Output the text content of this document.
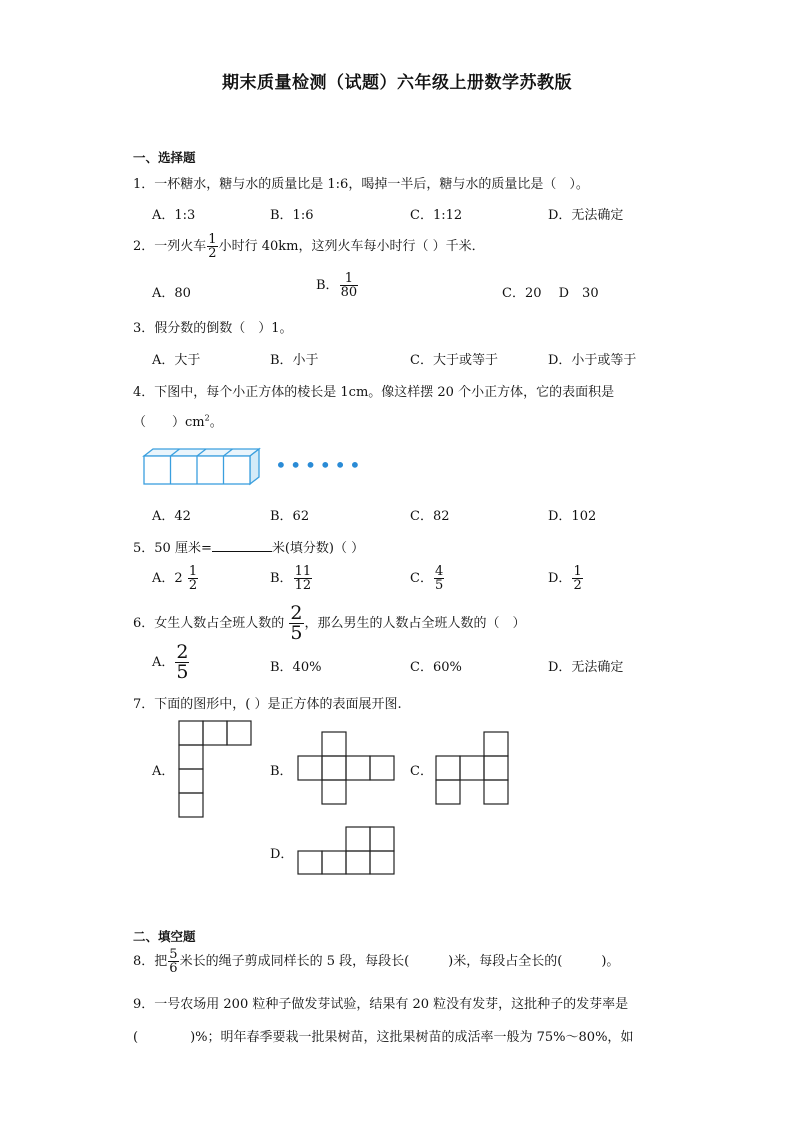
期末质量检测（试题）六年级上册数学苏教版
一、选择题
1．一杯糖水，糖与水的质量比是 1:6，喝掉一半后，糖与水的质量比是（　）。
A．1:3	B．1:6	C．1:12	D．无法确定
2．一列火车 $\frac{1}{2}$ 小时行 40km，这列火车每小时行（ ）千米．
A．80
B． $\frac{1}{80}$	C．20　 D　30
3．假分数的倒数（　）1。
A．大于	B．小于	C．大于或等于	D．小于或等于
4．下图中，每个小正方体的棱长是 1cm。像这样摆 20 个小正方体，它的表面积是
（　　）$cm^2$。
••••••
A．42	B．62	C．82	D．102
5．50 厘米=	米(填分数)（ ）
A．$2 \frac{1}{2}$	B． $\frac{11}{12}$	C． $\frac{4}{5}$	D． $\frac{1}{2}$
6．女生人数占全班人数的 $\frac{2}{5}$ ，那么男生的人数占全班人数的（　）
A． $\frac{2}{5}$	B．40%	C．60%	D．无法确定
7．下面的图形中，( ）是正方体的表面展开图.
A．	B．	C．
D．
二、填空题
8．把 $\frac{5}{6}$ 米长的绳子剪成同样长的 5 段，每段长(　　　)米，每段占全长的(　　　)。
9．一号农场用 200 粒种子做发芽试验，结果有 20 粒没有发芽，这批种子的发芽率是
(　　　　)%；明年春季要栽一批果树苗，这批果树苗的成活率一般为 75%～80%，如
